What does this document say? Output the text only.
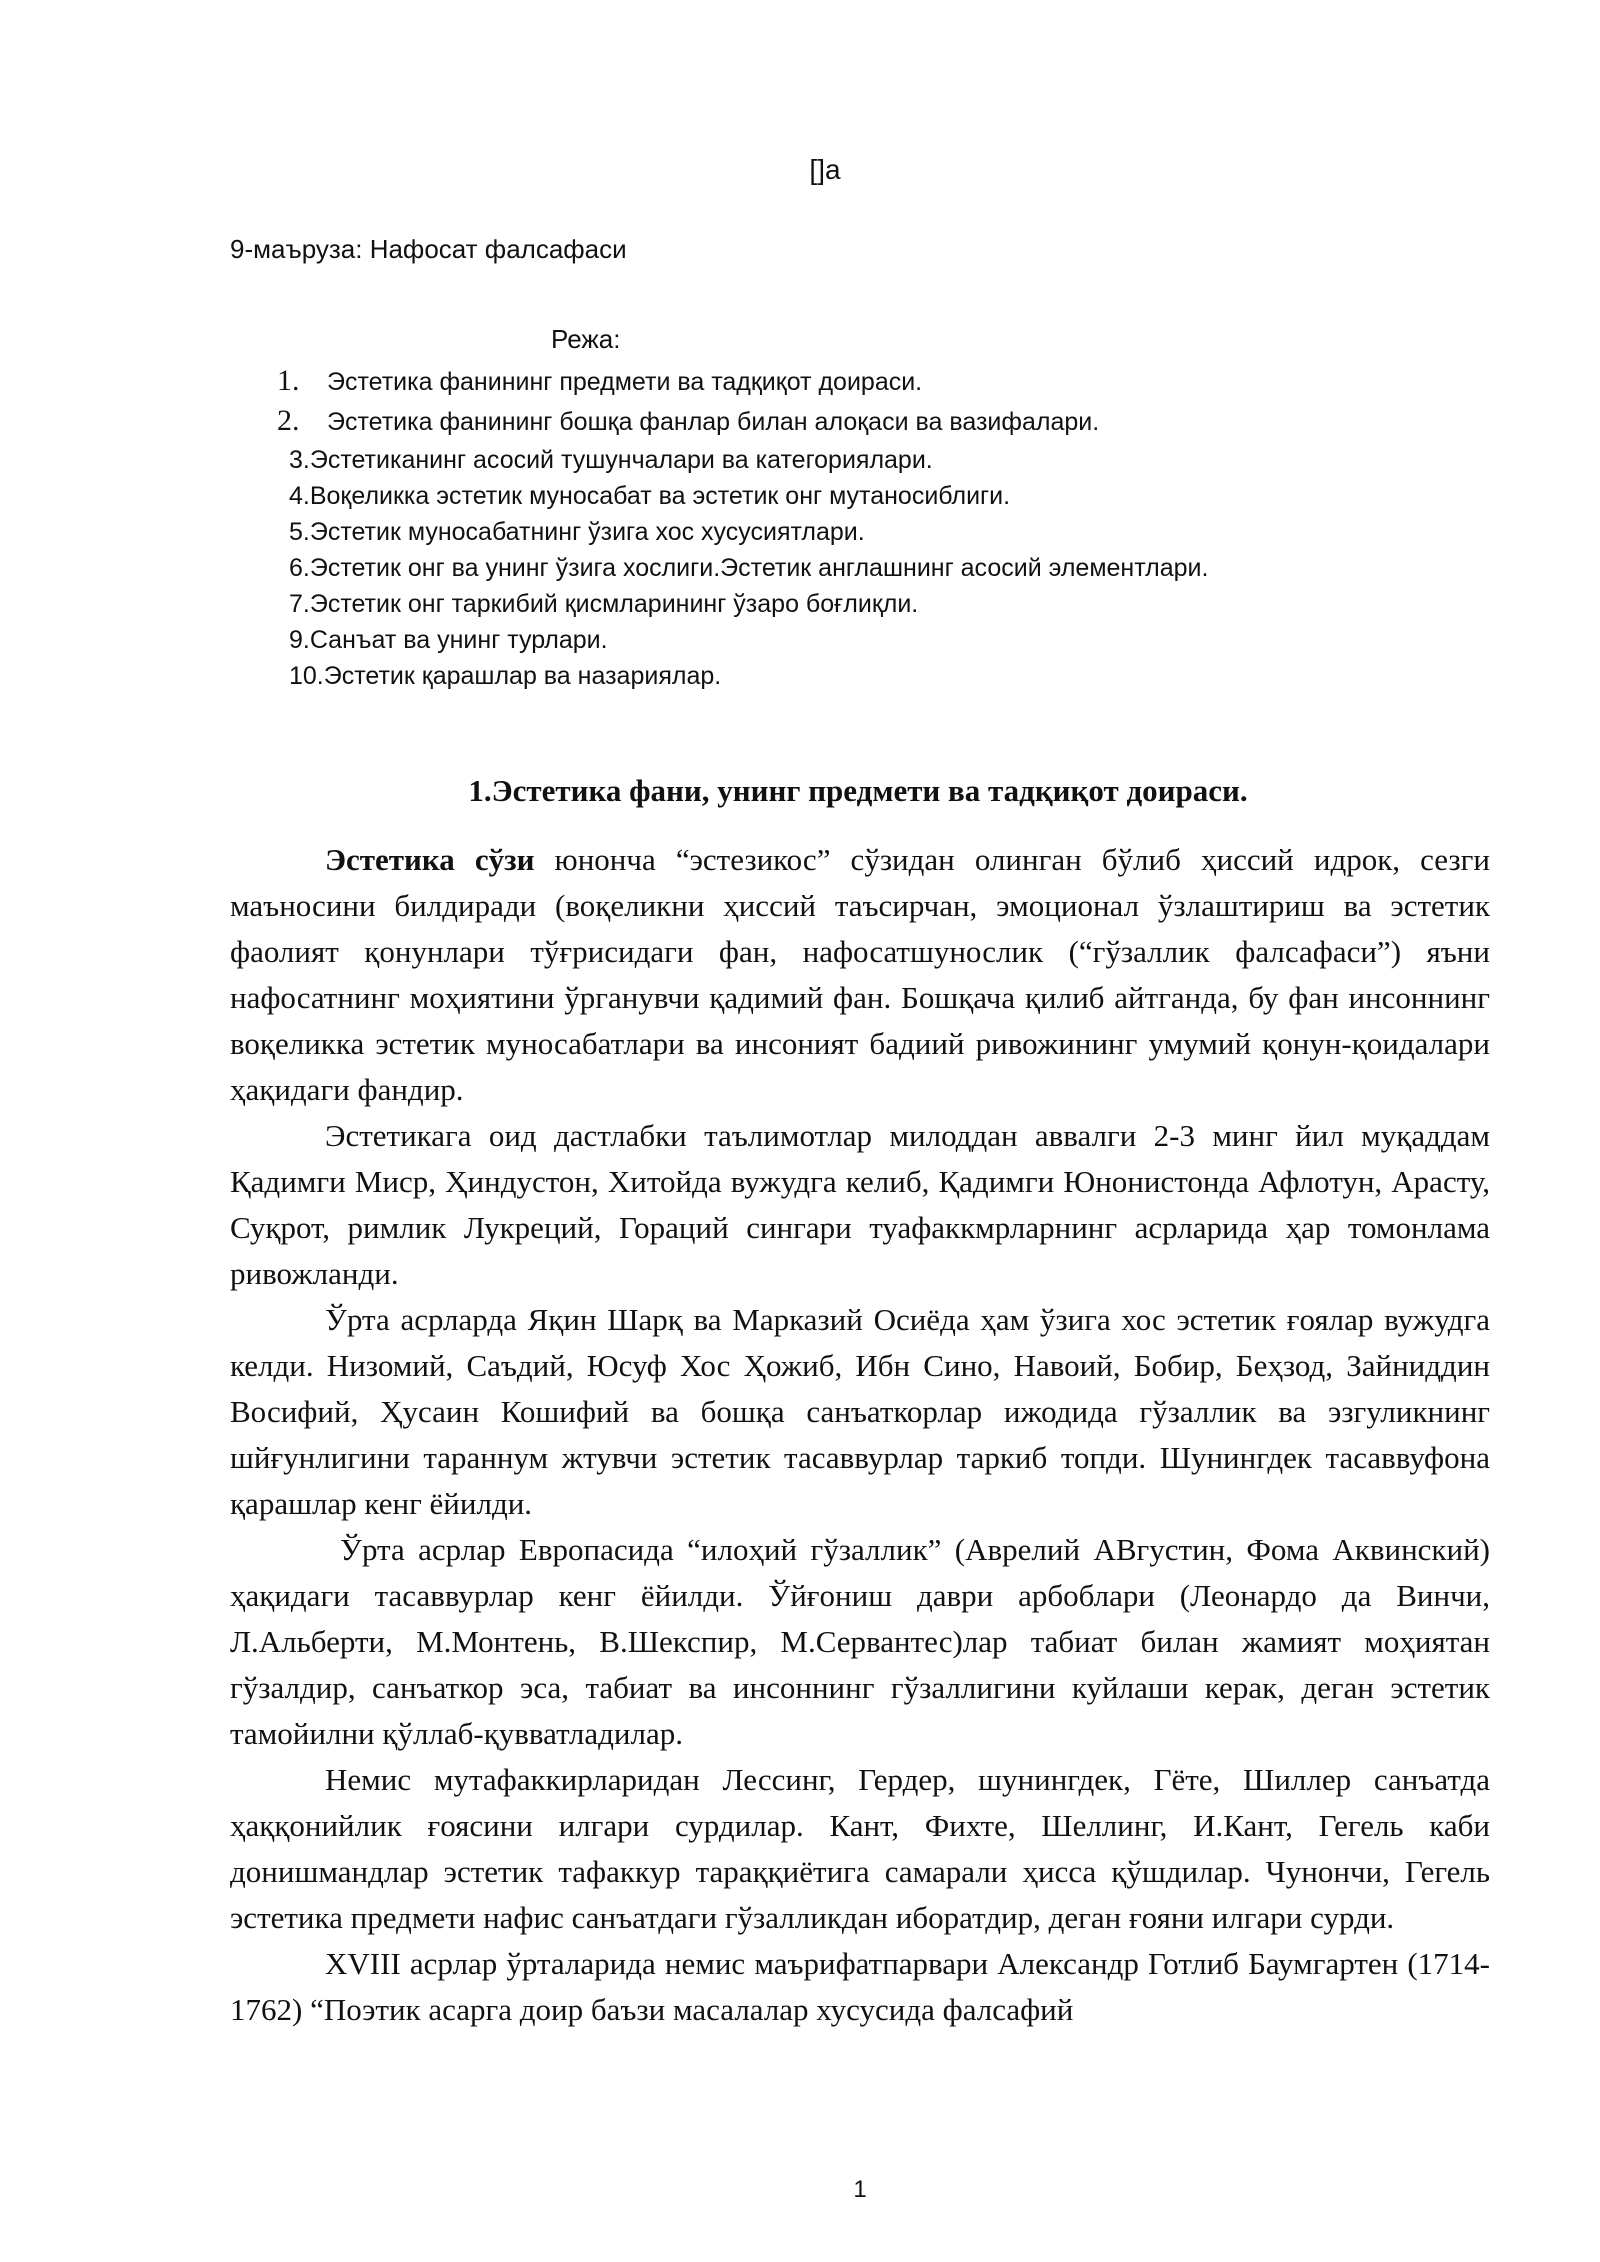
[]а
9-маъруза: Нафосат фалсафаси
Режа:
1. Эстетика фанининг предмети ва тадқиқот доираси.
2. Эстетика фанининг бошқа фанлар билан алоқаси ва вазифалари.
3.Эстетиканинг асосий тушунчалари ва категориялари.
4.Воқеликка эстетик муносабат ва эстетик онг мутаносиблиги.
5.Эстетик муносабатнинг ўзига хос хусусиятлари.
6.Эстетик онг ва унинг ўзига хослиги.Эстетик англашнинг асосий элементлари.
7.Эстетик онг таркибий қисмларининг ўзаро боғлиқли.
9.Санъат ва унинг турлари.
10.Эстетик қарашлар ва назариялар.
1.Эстетика фани, унинг предмети ва тадқиқот доираси.

Эстетика сўзи юнонча “эстезикос” сўзидан олинган бўлиб ҳиссий идрок, сезги маъносини билдиради (воқеликни ҳиссий таъсирчан, эмоционал ўзлаштириш ва эстетик фаолият қонунлари тўғрисидаги фан, нафосатшунослик (“гўзаллик фалсафаси”) яъни нафосатнинг моҳиятини ўрганувчи қадимий фан. Бошқача қилиб айтганда, бу фан инсоннинг воқеликка эстетик муносабатлари ва инсоният бадиий ривожининг умумий қонун-қоидалари ҳақидаги фандир.

Эстетикага оид дастлабки таълимотлар милоддан аввалги 2-3 минг йил муқаддам Қадимги Миср, Ҳиндустон, Хитойда вужудга келиб, Қадимги Юнонистонда Афлотун, Арасту, Суқрот, римлик Лукреций, Гораций сингари туафаккмрларнинг асрларида ҳар томонлама ривожланди.

Ўрта асрларда Яқин Шарқ ва Марказий Осиёда ҳам ўзига хос эстетик ғоялар вужудга келди. Низомий, Саъдий, Юсуф Хос Ҳожиб, Ибн Сино, Навоий, Бобир, Беҳзод, Зайниддин Восифий, Ҳусаин Кошифий ва бошқа санъаткорлар ижодида гўзаллик ва эзгуликнинг шйғунлигини тараннум жтувчи эстетик тасаввурлар таркиб топди. Шунингдек тасаввуфона қарашлар кенг ёйилди.

Ўрта асрлар Европасида “илоҳий гўзаллик” (Аврелий АВгустин, Фома Аквинский) ҳақидаги тасаввурлар кенг ёйилди. Ўйғониш даври арбоблари (Леонардо да Винчи, Л.Альберти, М.Монтень, В.Шекспир, М.Сервантес)лар табиат билан жамият моҳиятан гўзалдир, санъаткор эса, табиат ва инсоннинг гўзаллигини куйлаши керак, деган эстетик тамойилни қўллаб-қувватладилар.

Немис мутафаккирларидан Лессинг, Гердер, шунингдек, Гёте, Шиллер санъатда ҳаққонийлик ғоясини илгари сурдилар. Кант, Фихте, Шеллинг, И.Кант, Гегель каби донишмандлар эстетик тафаккур тараққиётига самарали ҳисса қўшдилар. Чунончи, Гегель эстетика предмети нафис санъатдаги гўзалликдан иборатдир, деган ғояни илгари сурди.

XVIII асрлар ўрталарида немис маърифатпарвари Александр Готлиб Баумгартен (1714-1762) “Поэтик асарга доир баъзи масалалар хусусида фалсафий

1
